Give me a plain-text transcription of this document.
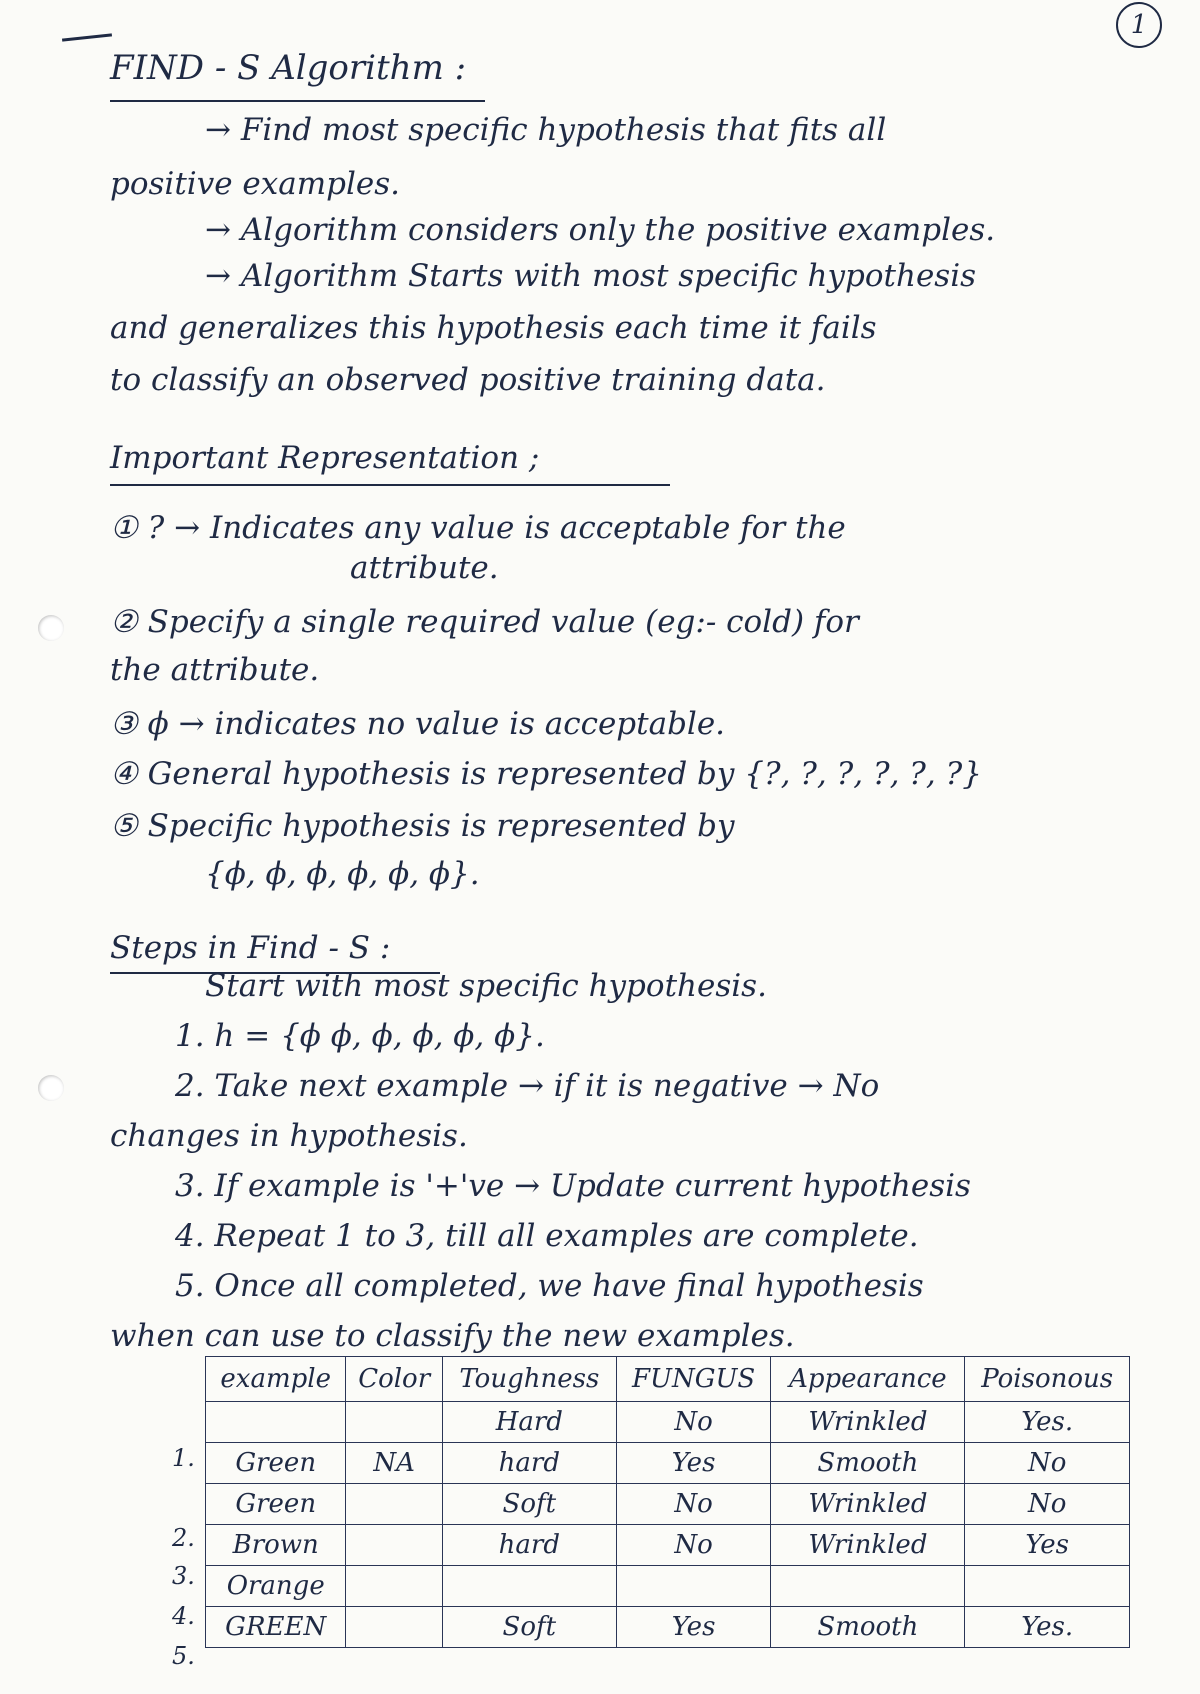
1
FIND - S Algorithm :
→ Find most specific hypothesis that fits all
positive examples.
→ Algorithm considers only the positive examples.
→ Algorithm Starts with most specific hypothesis
and generalizes this hypothesis each time it fails
to classify an observed positive training data.
Important Representation ;
① ? → Indicates any value is acceptable for the
attribute.
② Specify a single required value (eg:- cold) for
the attribute.
③ ϕ → indicates no value is acceptable.
④ General hypothesis is represented by {?, ?, ?, ?, ?, ?}
⑤ Specific hypothesis is represented by
{ϕ, ϕ, ϕ, ϕ, ϕ, ϕ}.
Steps in Find - S :
Start with most specific hypothesis.
1. h = {ϕ ϕ, ϕ, ϕ, ϕ, ϕ}.
2. Take next example → if it is negative → No
changes in hypothesis.
3. If example is '+'ve → Update current hypothesis
4. Repeat 1 to 3, till all examples are complete.
5. Once all completed, we have final hypothesis
when can use to classify the new examples.
1.
2.
3.
4.
5.
example	Color	Toughness	FUNGUS	Appearance	Poisonous
		Hard	No	Wrinkled	Yes.
Green	NA	hard	Yes	Smooth	No
Green		Soft	No	Wrinkled	No
Brown		hard	No	Wrinkled	Yes
Orange					
GREEN		Soft	Yes	Smooth	Yes.
